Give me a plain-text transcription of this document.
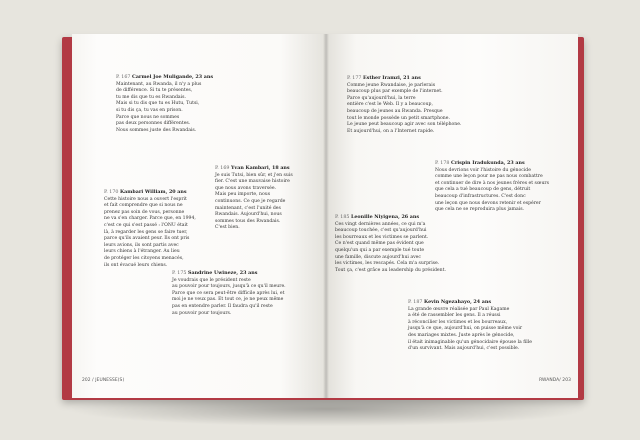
P. 167 Carmel Joe Muligande, 23 ans
Maintenant, au Rwanda, il n'y a plus
de différence. Si tu te présentes,
tu me dis que tu es Rwandais.
Mais si tu dis que tu es Hutu, Tutsi,
si tu dis ça, tu vas en prison.
Parce que nous ne sommes
pas deux personnes différentes.
Nous sommes juste des Rwandais.
P. 170 Kambari William, 20 ans
Cette histoire nous a ouvert l'esprit
et fait comprendre que si nous ne
prenez pas soin de vous, personne
ne va s'en charger. Parce que, en 1994,
c'est ce qui s'est passé : l'ONU était
là, à regarder les gens se faire tuer,
parce qu'ils avaient peur. Ils ont pris
leurs avions, ils sont partis avec
leurs chiens à l'étranger. Au lieu
de protéger les citoyens menacés,
ils ont évacué leurs chiens.
P. 169 Yvan Kambari, 18 ans
Je suis Tutsi, bien sûr, et j'en suis
fier. C'est une mauvaise histoire
que nous avons traversée.
Mais peu importe, nous
continuons. Ce que je regarde
maintenant, c'est l'unité des
Rwandais. Aujourd'hui, nous
sommes tous des Rwandais.
C'est bien.
P. 175 Sandrine Uwineze, 23 ans
Je voudrais que le président reste
au pouvoir pour toujours, jusqu'à ce qu'il meure.
Parce que ce sera peut-être difficile après lui, et
moi je ne veux pas. Et tout ce, je ne peux même
pas en entendre parler. Il faudra qu'il reste
au pouvoir pour toujours.
202 / JEUNESSE(S)
P. 177 Esther Iramzi, 21 ans
Comme jeune Rwandaise, je parlerais
beaucoup plus par exemple de l'internet.
Parce qu'aujourd'hui, la terre
entière c'est le Web. Il y a beaucoup,
beaucoup de jeunes au Rwanda. Presque
tout le monde possède un petit smartphone.
Le jeune peut beaucoup agir avec son téléphone.
Et aujourd'hui, on a l'Internet rapide.
P. 178 Crispin Iradukunda, 23 ans
Nous devrions voir l'histoire du génocide
comme une leçon pour ne pas nous combattre
et continuer de dire à nos jeunes frères et sœurs
que cela a tué beaucoup de gens, détruit
beaucoup d'infrastructures. C'est donc
une leçon que nous devons retenir et espérer
que cela ne se reproduira plus jamais.
P. 185 Leonille Niyigena, 26 ans
Ces vingt dernières années, ce qui m'a
beaucoup touchée, c'est qu'aujourd'hui
les bourreaux et les victimes se parlent.
Ce n'est quand même pas évident que
quelqu'un qui a par exemple tué toute
une famille, discute aujourd'hui avec
les victimes, les rescapés. Cela m'a surprise.
Tout ça, c'est grâce au leadership du président.
P. 187 Kevin Ngezahayo, 24 ans
La grande œuvre réalisée par Paul Kagame
a été de rassembler les gens. Il a réussi
à réconcilier les victimes et les bourreaux,
jusqu'à ce que, aujourd'hui, on puisse même voir
des mariages mixtes. Juste après le génocide,
il était inimaginable qu'un génocidaire épouse la fille
d'un survivant. Mais aujourd'hui, c'est possible.
RWANDA/ 203
